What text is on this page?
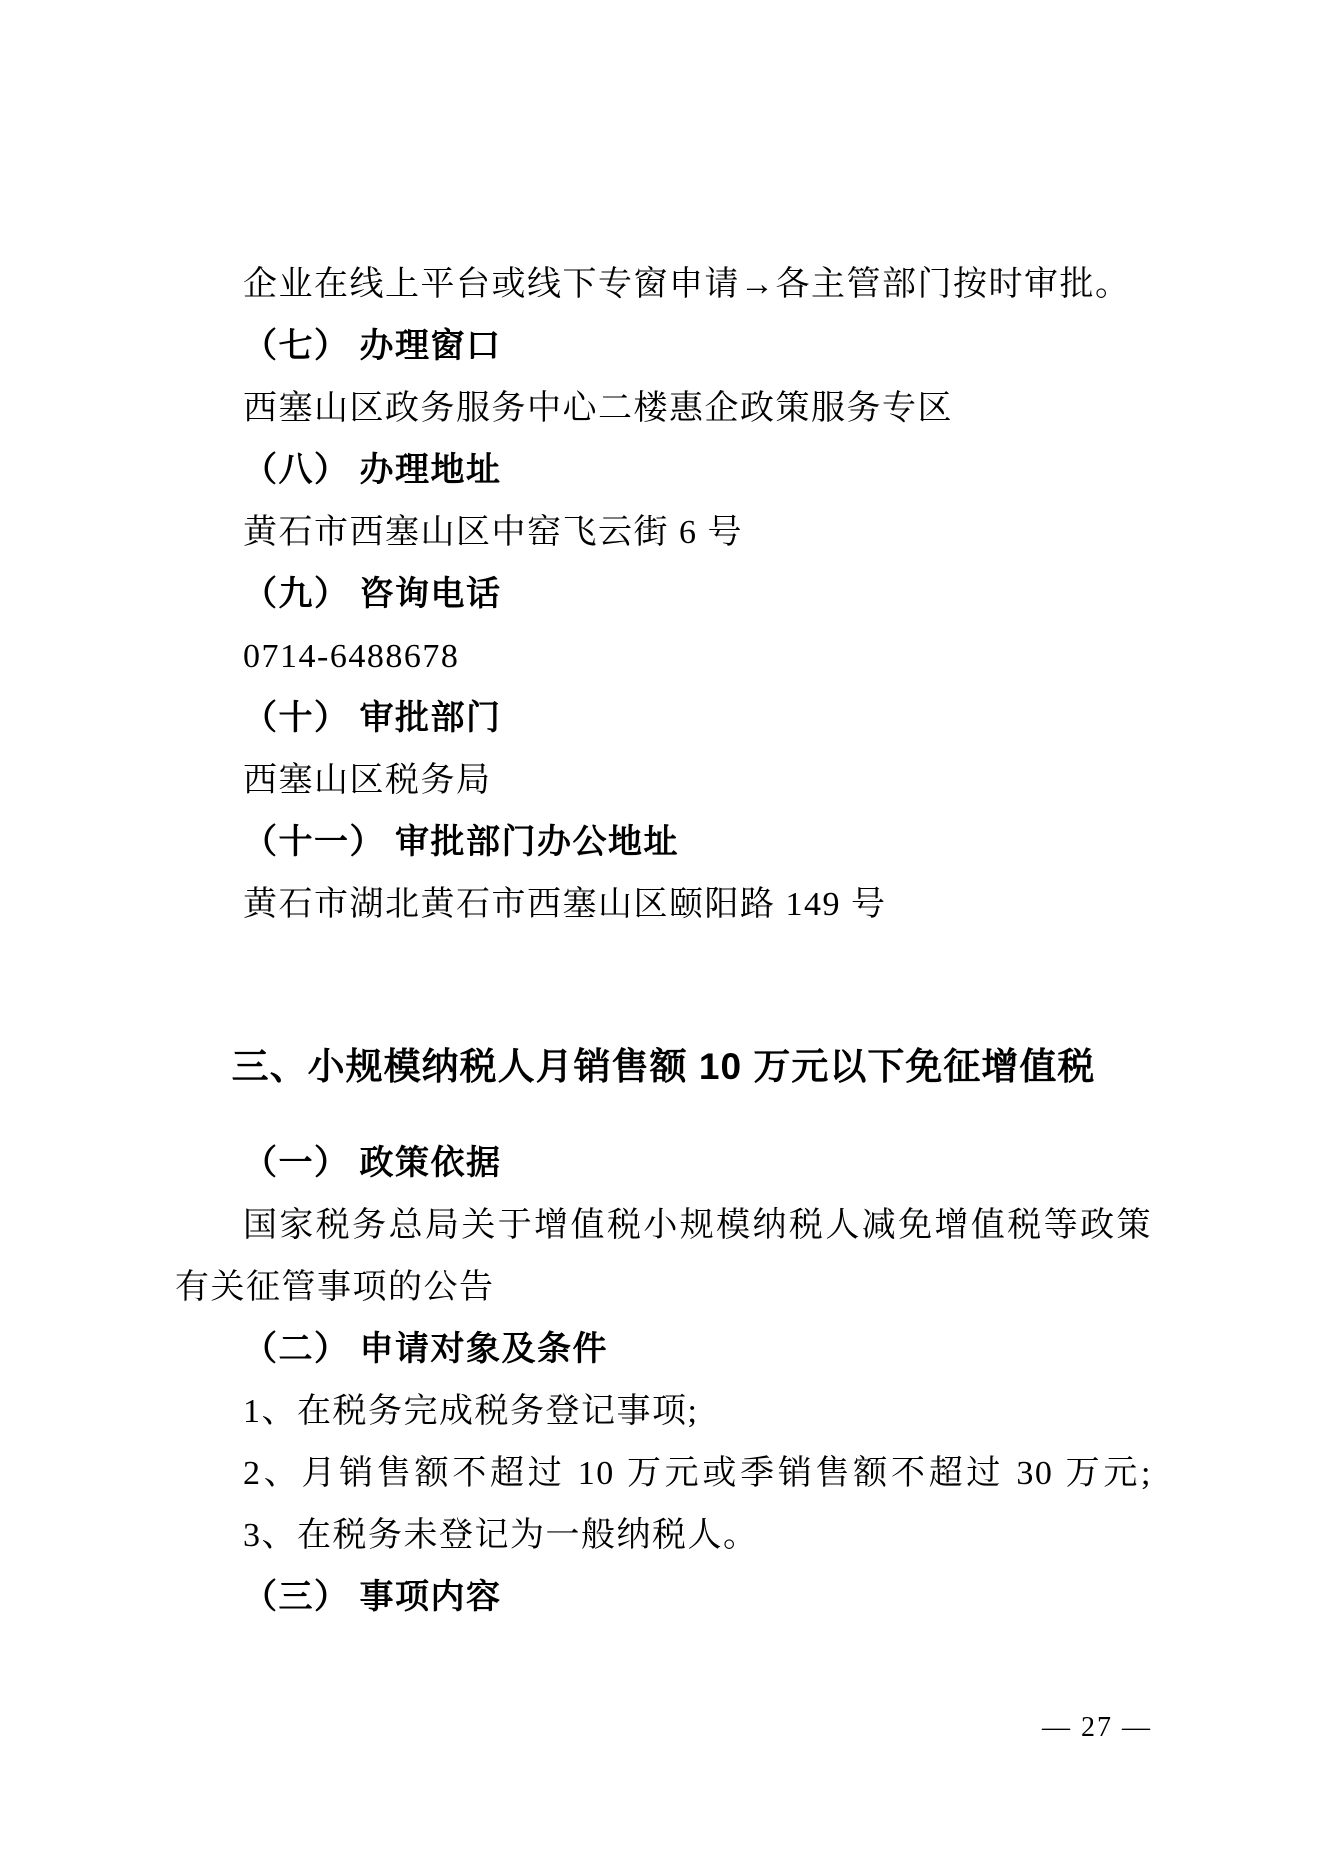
企业在线上平台或线下专窗申请→各主管部门按时审批。
（七） 办理窗口
西塞山区政务服务中心二楼惠企政策服务专区
（八） 办理地址
黄石市西塞山区中窑飞云街 6 号
（九） 咨询电话
0714-6488678
（十） 审批部门
西塞山区税务局
（十一） 审批部门办公地址
黄石市湖北黄石市西塞山区颐阳路 149 号
三、小规模纳税人月销售额 10 万元以下免征增值税
（一） 政策依据
国家税务总局关于增值税小规模纳税人减免增值税等政策
有关征管事项的公告
（二） 申请对象及条件
1、在税务完成税务登记事项;
2、月销售额不超过 10 万元或季销售额不超过 30 万元;
3、在税务未登记为一般纳税人。
（三） 事项内容
— 27 —
